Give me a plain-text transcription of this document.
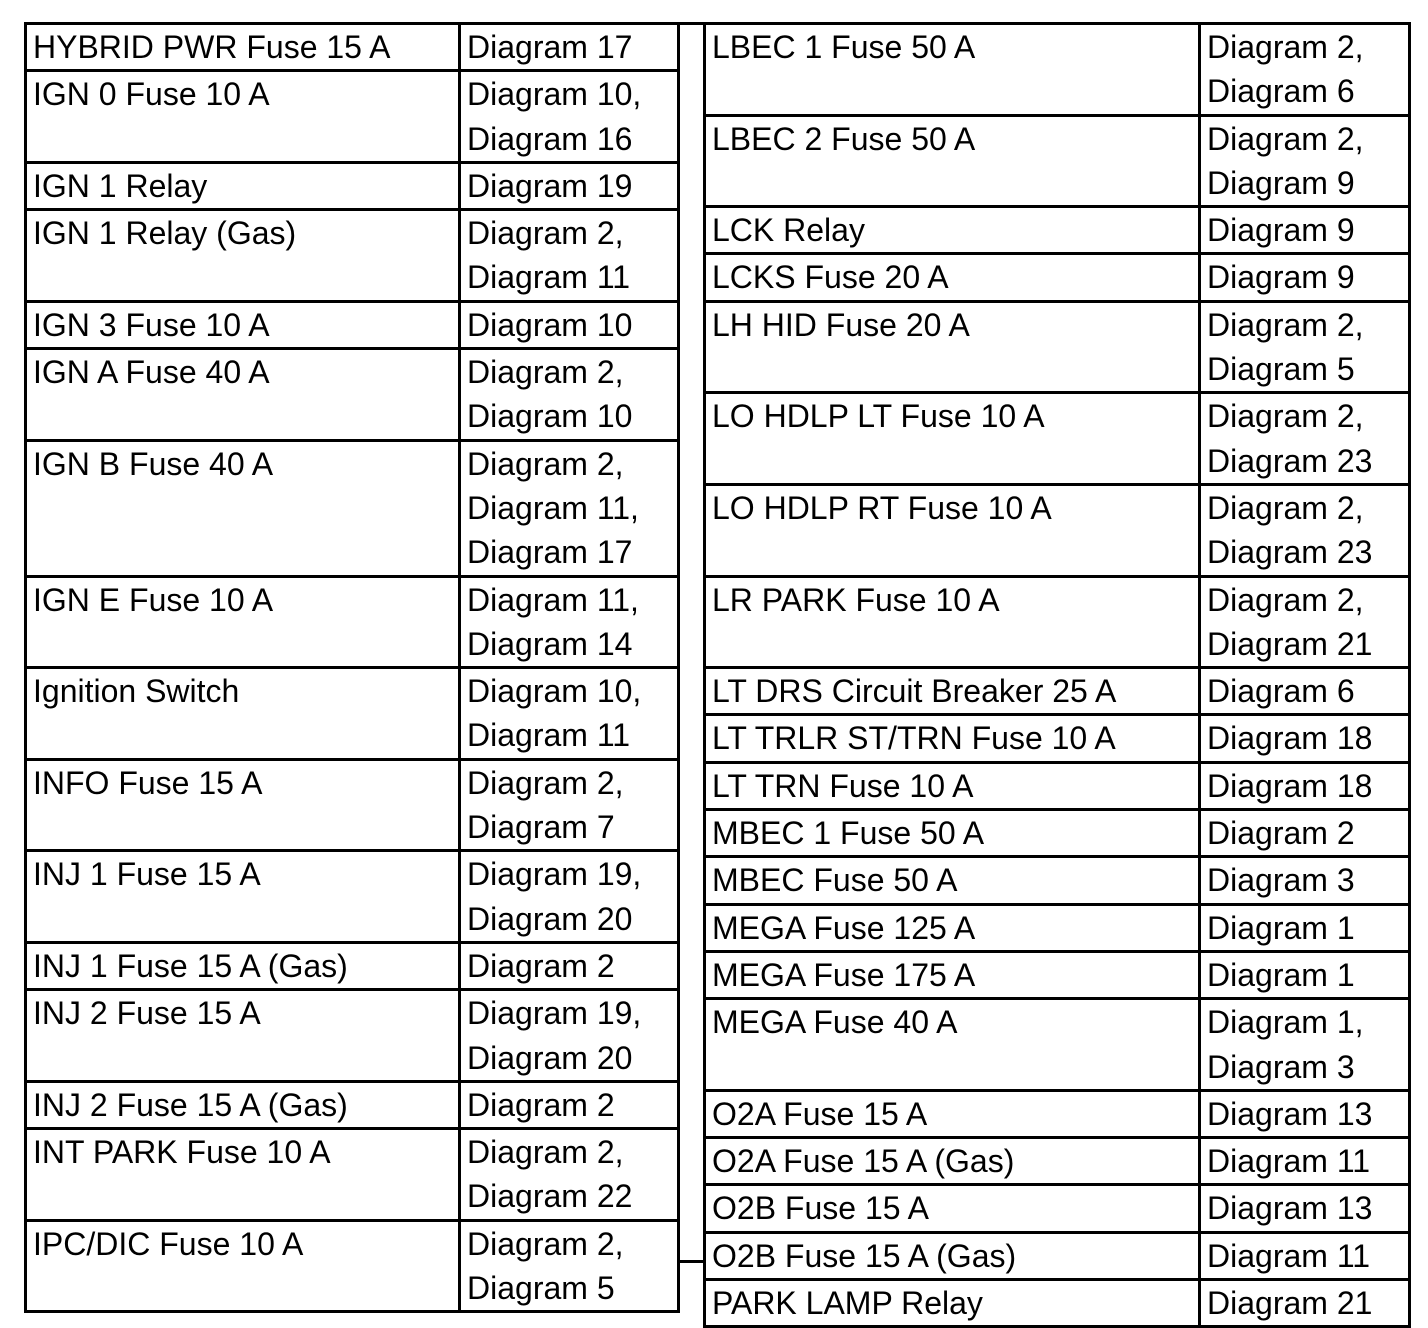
HYBRID PWR Fuse 15 A	Diagram 17

IGN 0 Fuse 10 A	Diagram 10,
Diagram 16

IGN 1 Relay	Diagram 19

IGN 1 Relay (Gas)	Diagram 2,
Diagram 11

IGN 3 Fuse 10 A	Diagram 10

IGN A Fuse 40 A	Diagram 2,
Diagram 10

IGN B Fuse 40 A	Diagram 2,
Diagram 11,
Diagram 17

IGN E Fuse 10 A	Diagram 11,
Diagram 14

Ignition Switch	Diagram 10,
Diagram 11

INFO Fuse 15 A	Diagram 2,
Diagram 7

INJ 1 Fuse 15 A	Diagram 19,
Diagram 20

INJ 1 Fuse 15 A (Gas)	Diagram 2

INJ 2 Fuse 15 A	Diagram 19,
Diagram 20

INJ 2 Fuse 15 A (Gas)	Diagram 2

INT PARK Fuse 10 A	Diagram 2,
Diagram 22

IPC/DIC Fuse 10 A	Diagram 2,
Diagram 5
LBEC 1 Fuse 50 A	Diagram 2,
Diagram 6

LBEC 2 Fuse 50 A	Diagram 2,
Diagram 9

LCK Relay	Diagram 9

LCKS Fuse 20 A	Diagram 9

LH HID Fuse 20 A	Diagram 2,
Diagram 5

LO HDLP LT Fuse 10 A	Diagram 2,
Diagram 23

LO HDLP RT Fuse 10 A	Diagram 2,
Diagram 23

LR PARK Fuse 10 A	Diagram 2,
Diagram 21

LT DRS Circuit Breaker 25 A	Diagram 6

LT TRLR ST/TRN Fuse 10 A	Diagram 18

LT TRN Fuse 10 A	Diagram 18

MBEC 1 Fuse 50 A	Diagram 2

MBEC Fuse 50 A	Diagram 3

MEGA Fuse 125 A	Diagram 1

MEGA Fuse 175 A	Diagram 1

MEGA Fuse 40 A	Diagram 1,
Diagram 3

O2A Fuse 15 A	Diagram 13

O2A Fuse 15 A (Gas)	Diagram 11

O2B Fuse 15 A	Diagram 13

O2B Fuse 15 A (Gas)	Diagram 11

PARK LAMP Relay	Diagram 21
